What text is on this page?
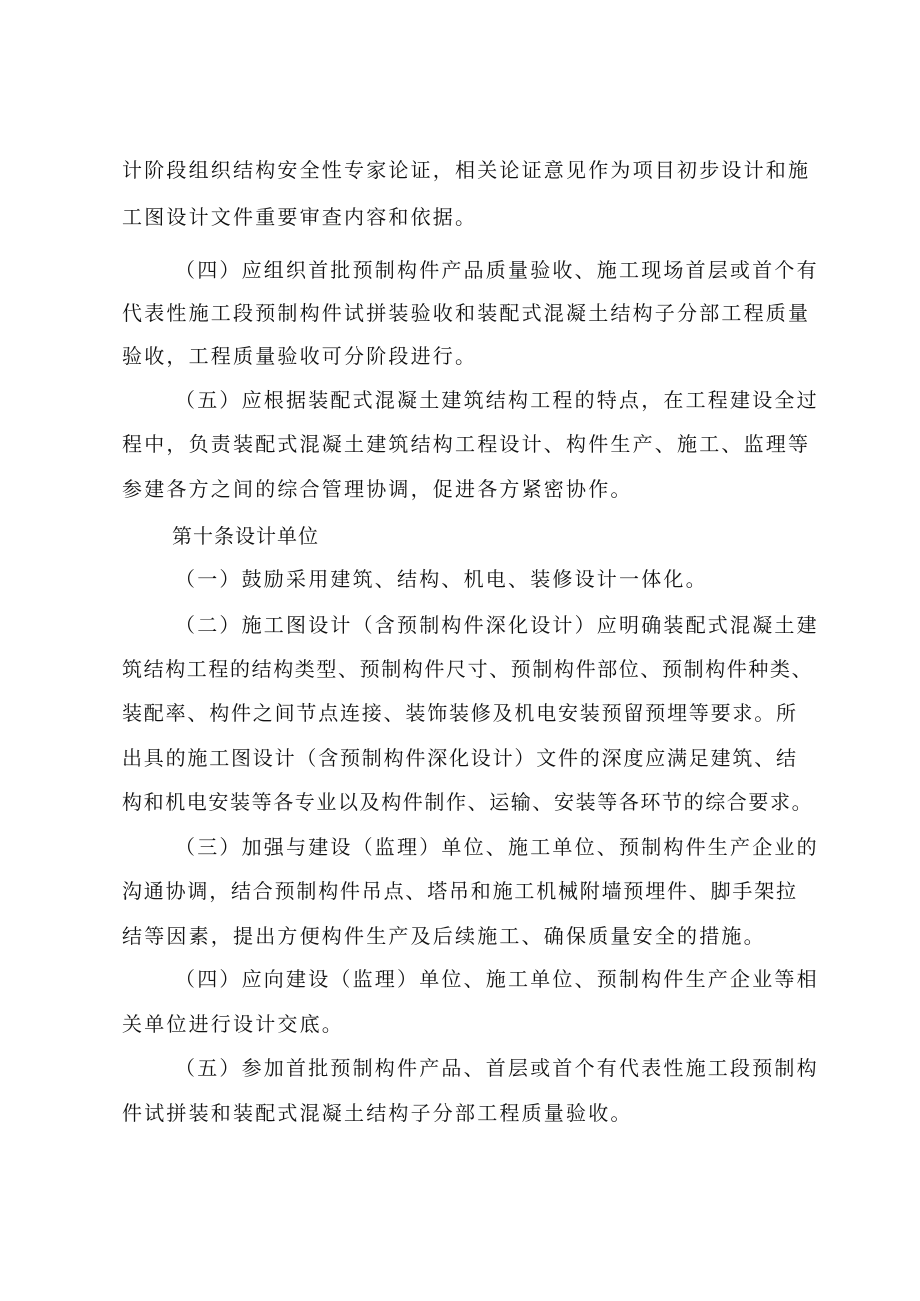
计阶段组织结构安全性专家论证，相关论证意见作为项目初步设计和施
工图设计文件重要审查内容和依据。
（四）应组织首批预制构件产品质量验收、施工现场首层或首个有
代表性施工段预制构件试拼装验收和装配式混凝土结构子分部工程质量
验收，工程质量验收可分阶段进行。
（五）应根据装配式混凝土建筑结构工程的特点，在工程建设全过
程中，负责装配式混凝土建筑结构工程设计、构件生产、施工、监理等
参建各方之间的综合管理协调，促进各方紧密协作。
第十条设计单位
（一）鼓励采用建筑、结构、机电、装修设计一体化。
（二）施工图设计（含预制构件深化设计）应明确装配式混凝土建
筑结构工程的结构类型、预制构件尺寸、预制构件部位、预制构件种类、
装配率、构件之间节点连接、装饰装修及机电安装预留预埋等要求。所
出具的施工图设计（含预制构件深化设计）文件的深度应满足建筑、结
构和机电安装等各专业以及构件制作、运输、安装等各环节的综合要求。
（三）加强与建设（监理）单位、施工单位、预制构件生产企业的
沟通协调，结合预制构件吊点、塔吊和施工机械附墙预埋件、脚手架拉
结等因素，提出方便构件生产及后续施工、确保质量安全的措施。
（四）应向建设（监理）单位、施工单位、预制构件生产企业等相
关单位进行设计交底。
（五）参加首批预制构件产品、首层或首个有代表性施工段预制构
件试拼装和装配式混凝土结构子分部工程质量验收。
